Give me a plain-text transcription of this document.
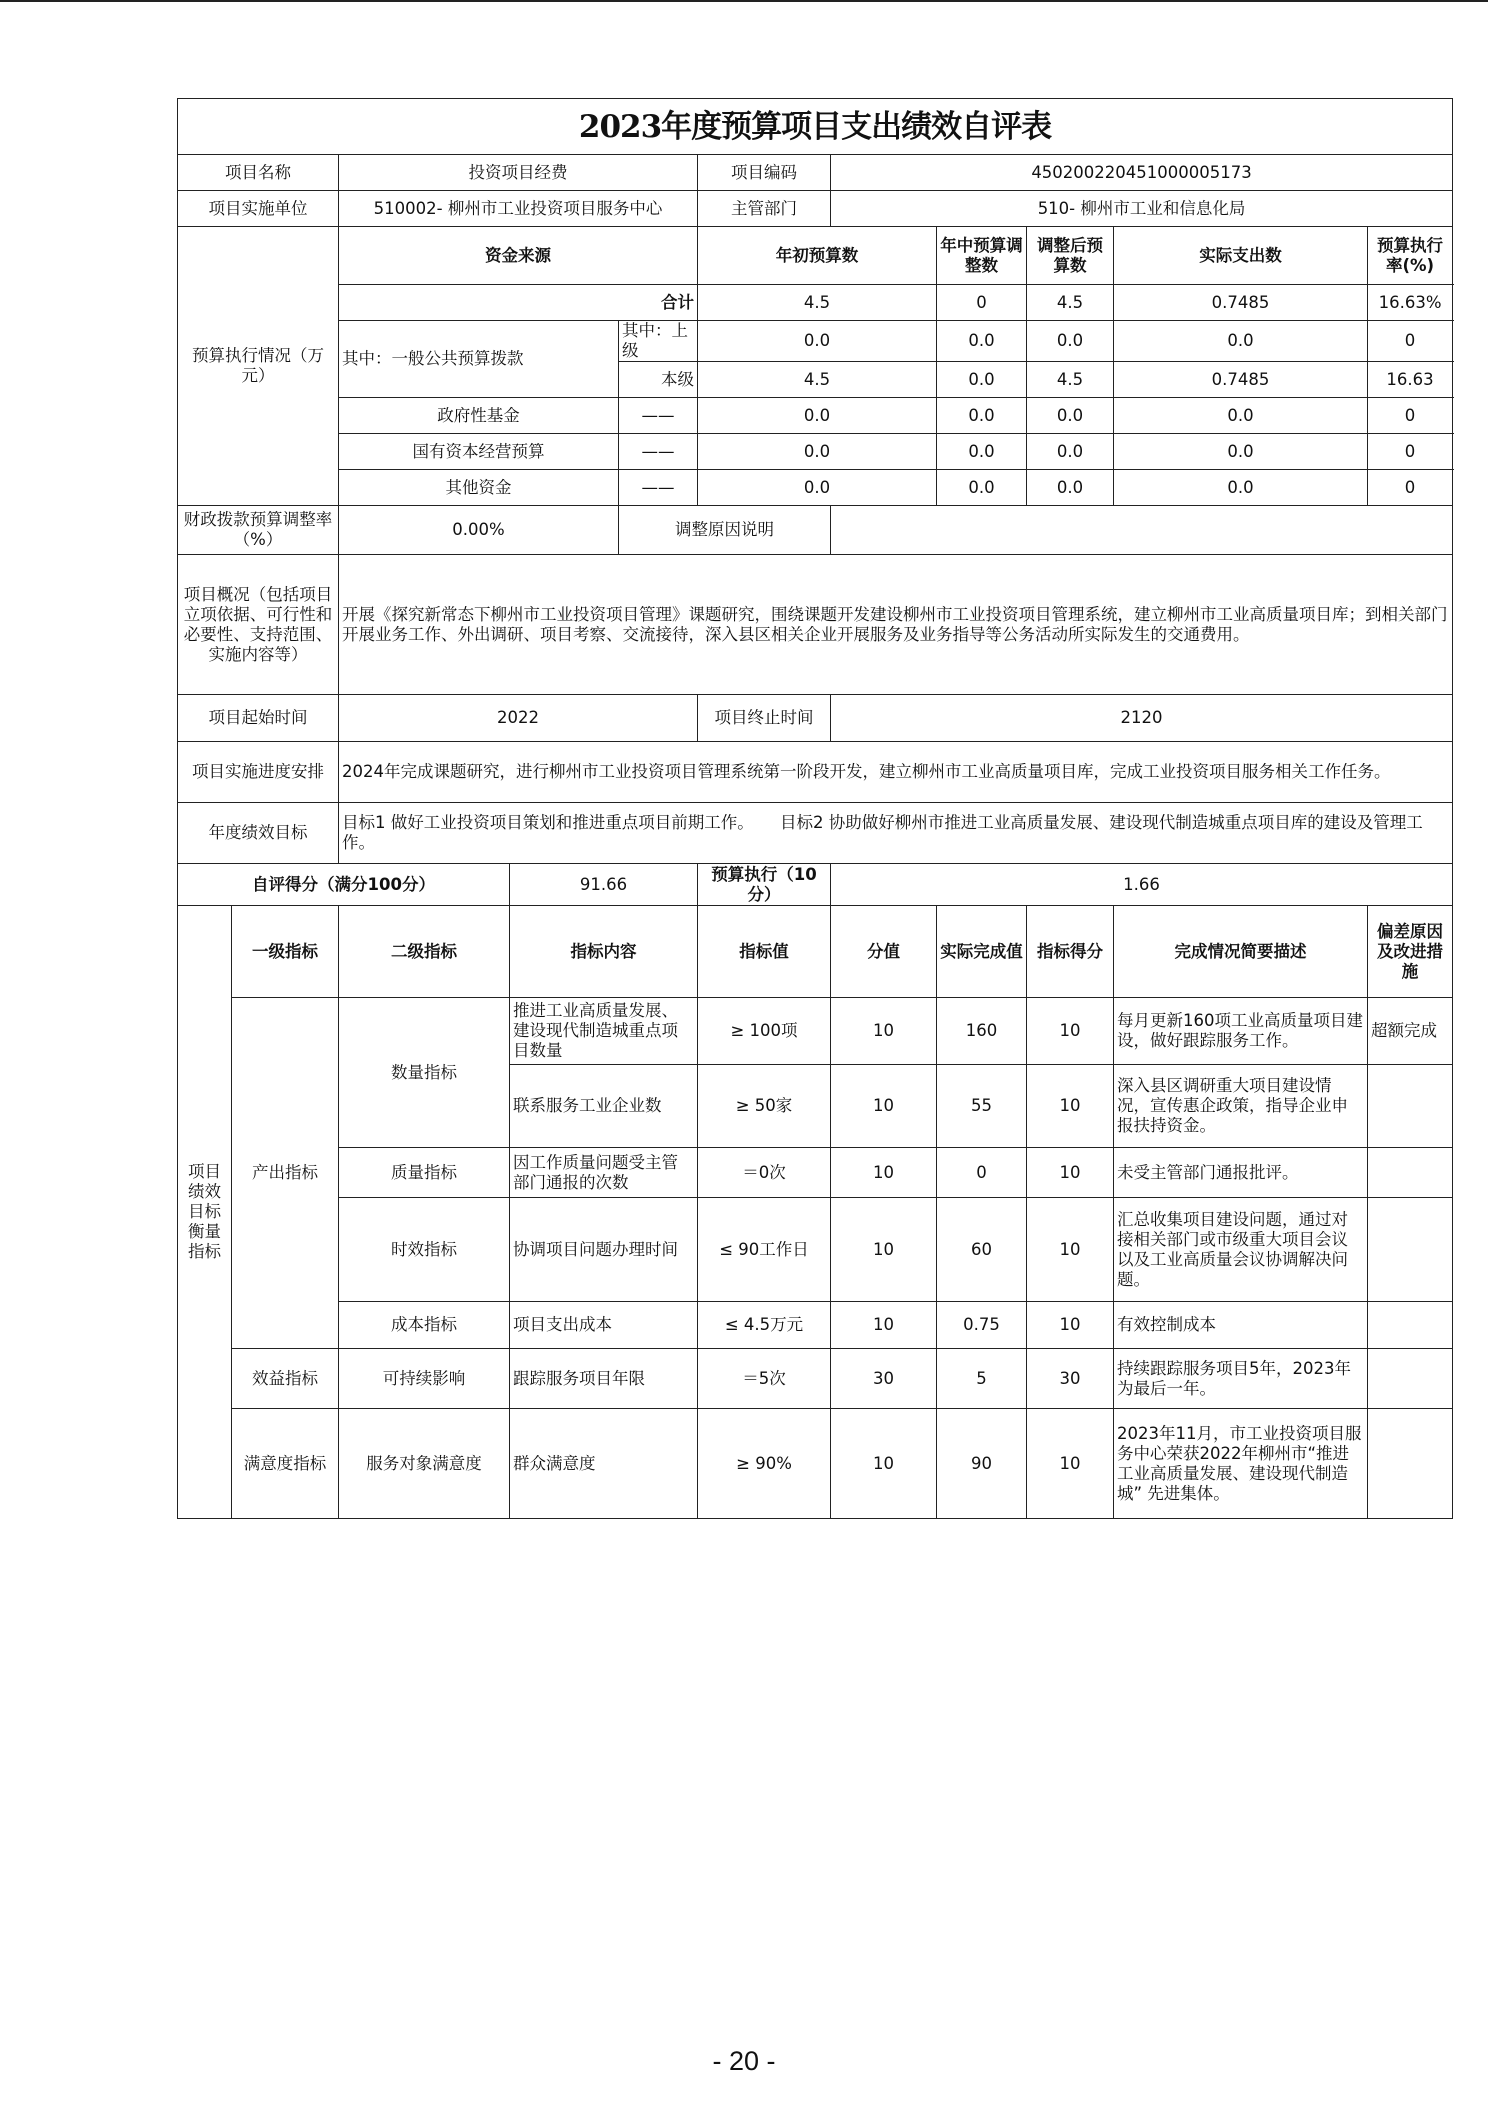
2023年度预算项目支出绩效自评表										
项目名称		投资项目经费			项目编码	450200220451000005173				
项目实施单位		510002- 柳州市工业投资项目服务中心			主管部门	510- 柳州市工业和信息化局				
预算执行情况（万元）		资金来源			年初预算数		年中预算调整数	调整后预算数	实际支出数	预算执行率(%)
		合计			4.5		0	4.5	0.7485	16.63%
		其中：一般公共预算拨款		其中：上级	0.0		0.0	0.0	0.0	0
				本级	4.5		0.0	4.5	0.7485	16.63
		政府性基金		——	0.0		0.0	0.0	0.0	0
		国有资本经营预算		——	0.0		0.0	0.0	0.0	0
		其他资金		——	0.0		0.0	0.0	0.0	0
财政拨款预算调整率（%）		0.00%		调整原因说明						
项目概况（包括项目立项依据、可行性和必要性、支持范围、实施内容等）		开展《探究新常态下柳州市工业投资项目管理》课题研究，围绕课题开发建设柳州市工业投资项目管理系统，建立柳州市工业高质量项目库；到相关部门开展业务工作、外出调研、项目考察、交流接待，深入县区相关企业开展服务及业务指导等公务活动所实际发生的交通费用。								
项目起始时间		2022			项目终止时间	2120				
项目实施进度安排		2024年完成课题研究，进行柳州市工业投资项目管理系统第一阶段开发，建立柳州市工业高质量项目库，完成工业投资项目服务相关工作任务。								
年度绩效目标		目标1 做好工业投资项目策划和推进重点项目前期工作。     目标2 协助做好柳州市推进工业高质量发展、建设现代制造城重点项目库的建设及管理工作。								
自评得分（满分100分）			91.66		预算执行（10分）	1.66				
项目绩效目标衡量指标	一级指标	二级指标	指标内容		指标值	分值	实际完成值	指标得分	完成情况简要描述	偏差原因及改进措施
	产出指标	数量指标	推进工业高质量发展、建设现代制造城重点项目数量		≥ 100项	10	160	10	每月更新160项工业高质量项目建设，做好跟踪服务工作。	超额完成
			联系服务工业企业数		≥ 50家	10	55	10	深入县区调研重大项目建设情况，宣传惠企政策，指导企业申报扶持资金。	
		质量指标	因工作质量问题受主管部门通报的次数		＝0次	10	0	10	未受主管部门通报批评。	
		时效指标	协调项目问题办理时间		≤ 90工作日	10	60	10	汇总收集项目建设问题，通过对接相关部门或市级重大项目会议以及工业高质量会议协调解决问题。	
		成本指标	项目支出成本		≤ 4.5万元	10	0.75	10	有效控制成本	
	效益指标	可持续影响	跟踪服务项目年限		＝5次	30	5	30	持续跟踪服务项目5年，2023年为最后一年。	
	满意度指标	服务对象满意度	群众满意度		≥ 90%	10	90	10	2023年11月，市工业投资项目服务中心荣获2022年柳州市“推进工业高质量发展、建设现代制造城” 先进集体。	
- 20 -
